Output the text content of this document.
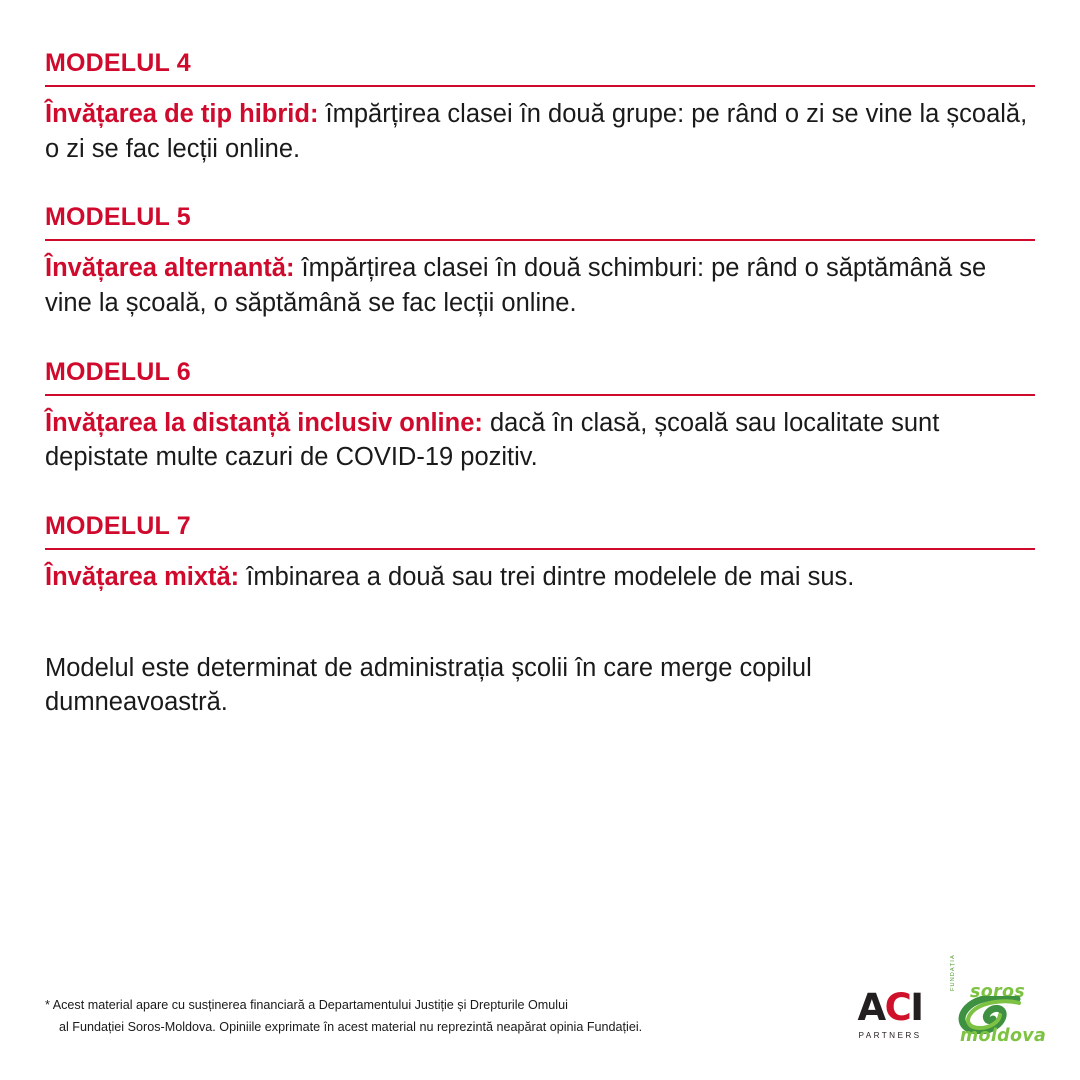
MODELUL 4

Învățarea de tip hibrid: împărțirea clasei în două grupe: pe rând o zi se vine la școală, o zi se fac lecții online.

MODELUL 5

Învățarea alternantă: împărțirea clasei în două schimburi: pe rând o săptămână se vine la școală, o săptămână se fac lecții online.

MODELUL 6

Învățarea la distanță inclusiv online: dacă în clasă, școală sau localitate sunt depistate multe cazuri de COVID-19 pozitiv.

MODELUL 7

Învățarea mixtă: îmbinarea a două sau trei dintre modelele de mai sus.

Modelul este determinat de administrația școlii în care merge copilul dumneavoastră.

* Acest material apare cu susținerea financiară a Departamentului Justiție și Drepturile Omului
al Fundației Soros-Moldova. Opiniile exprimate în acest material nu reprezintă neapărat opinia Fundației.	ACI
PARTNERS
FUNDAȚIA
soros
moldova
